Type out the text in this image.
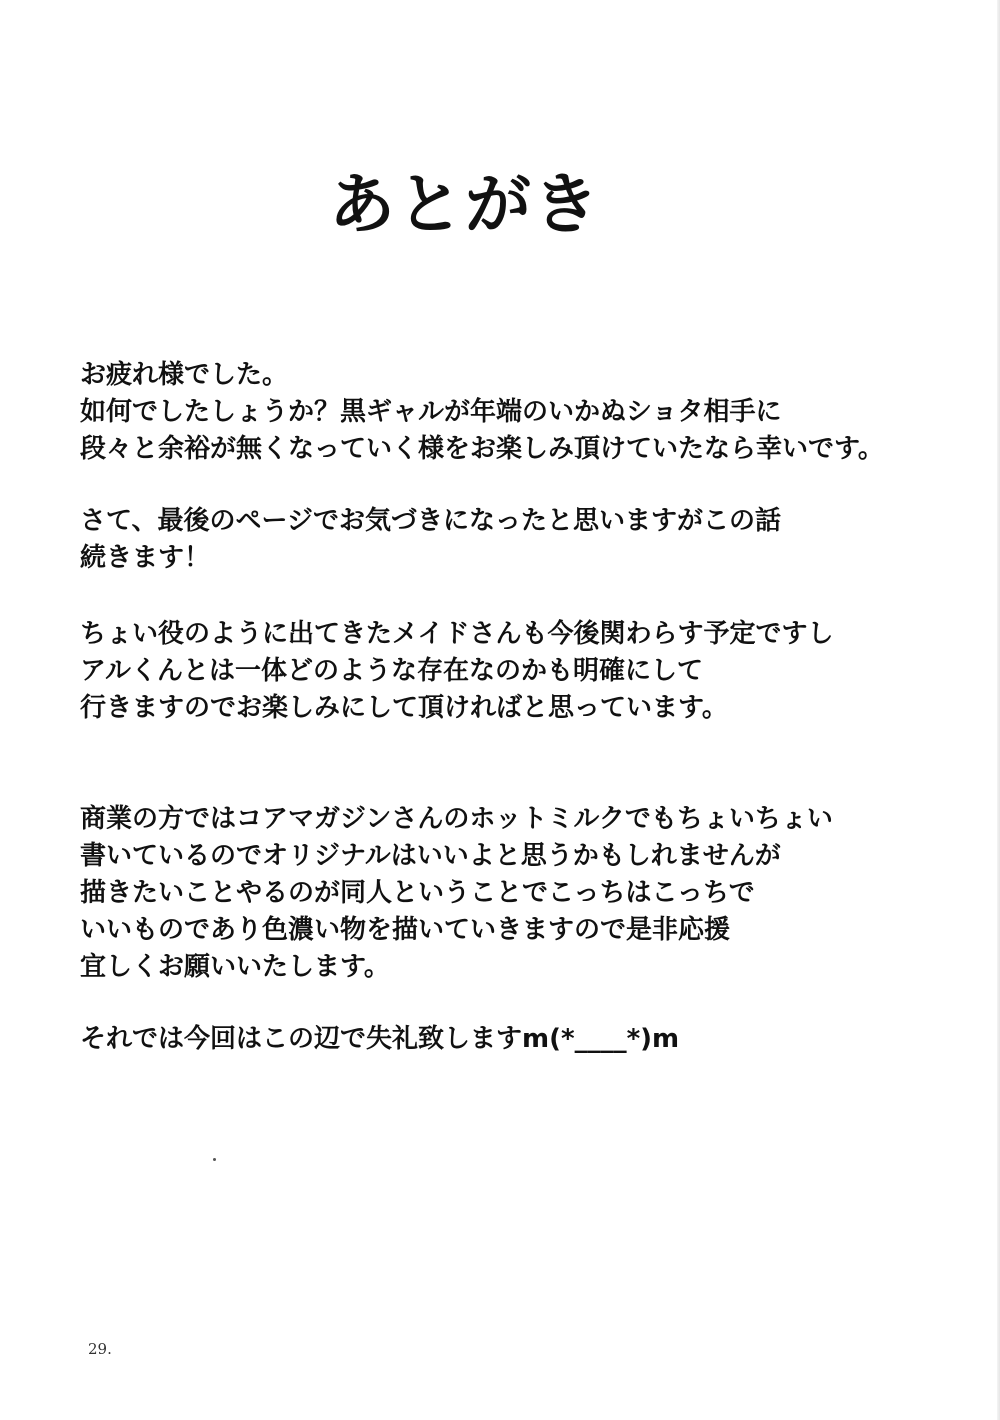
あとがき
お疲れ様でした。
如何でしたしょうか？黒ギャルが年端のいかぬショタ相手に
段々と余裕が無くなっていく様をお楽しみ頂けていたなら幸いです。
さて、最後のページでお気づきになったと思いますがこの話
続きます！
ちょい役のように出てきたメイドさんも今後関わらす予定ですし
アルくんとは一体どのような存在なのかも明確にして
行きますのでお楽しみにして頂ければと思っています。
商業の方ではコアマガジンさんのホットミルクでもちょいちょい
書いているのでオリジナルはいいよと思うかもしれませんが
描きたいことやるのが同人ということでこっちはこっちで
いいものであり色濃い物を描いていきますので是非応援
宜しくお願いいたします。
それでは今回はこの辺で失礼致しますm(*____*)m
29.
